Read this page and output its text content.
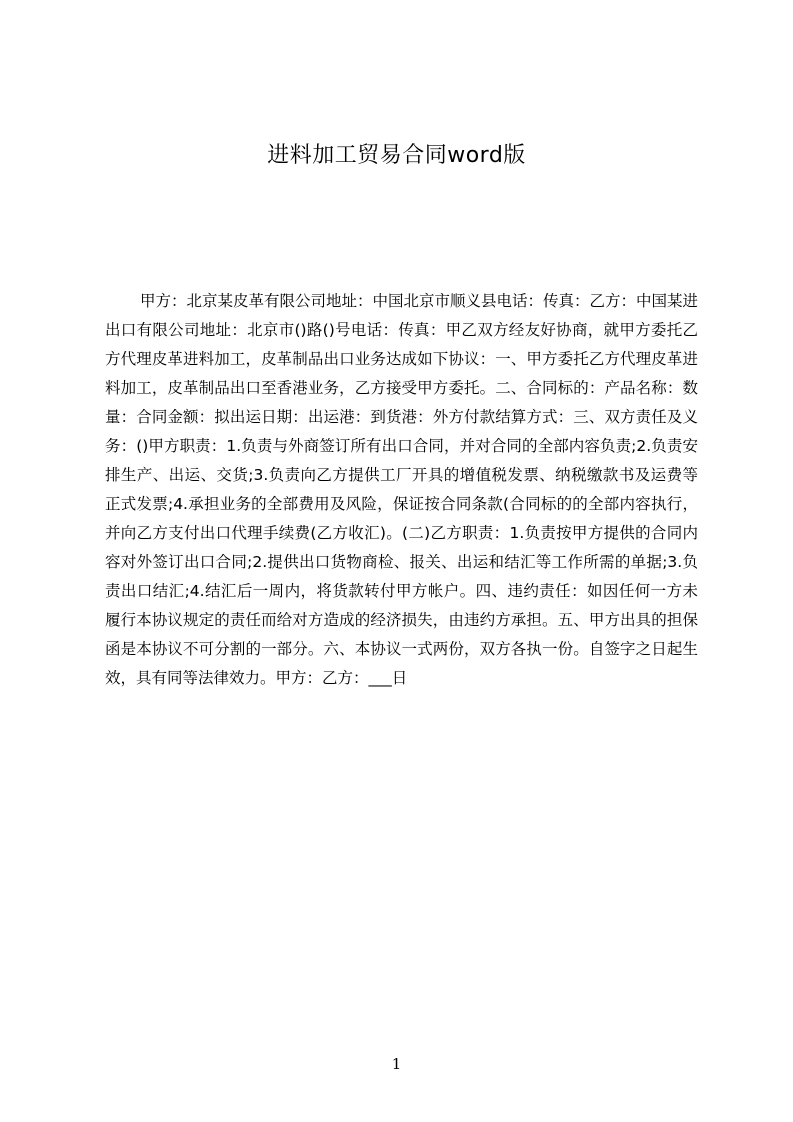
进料加工贸易合同word版

甲方：北京某皮革有限公司地址：中国北京市顺义县电话：传真：乙方：中国某进出口有限公司地址：北京市()路()号电话：传真：甲乙双方经友好协商，就甲方委托乙方代理皮革进料加工，皮革制品出口业务达成如下协议：一、甲方委托乙方代理皮革进料加工，皮革制品出口至香港业务，乙方接受甲方委托。二、合同标的：产品名称：数量：合同金额：拟出运日期：出运港：到货港：外方付款结算方式：三、双方责任及义务：()甲方职责：1.负责与外商签订所有出口合同，并对合同的全部内容负责;2.负责安排生产、出运、交货;3.负责向乙方提供工厂开具的增值税发票、纳税缴款书及运费等正式发票;4.承担业务的全部费用及风险，保证按合同条款(合同标的的全部内容执行，并向乙方支付出口代理手续费(乙方收汇)。(二)乙方职责：1.负责按甲方提供的合同内容对外签订出口合同;2.提供出口货物商检、报关、出运和结汇等工作所需的单据;3.负责出口结汇;4.结汇后一周内，将货款转付甲方帐户。四、违约责任：如因任何一方未履行本协议规定的责任而给对方造成的经济损失，由违约方承担。五、甲方出具的担保函是本协议不可分割的一部分。六、本协议一式两份，双方各执一份。自签字之日起生效，具有同等法律效力。甲方：乙方：___日

1
